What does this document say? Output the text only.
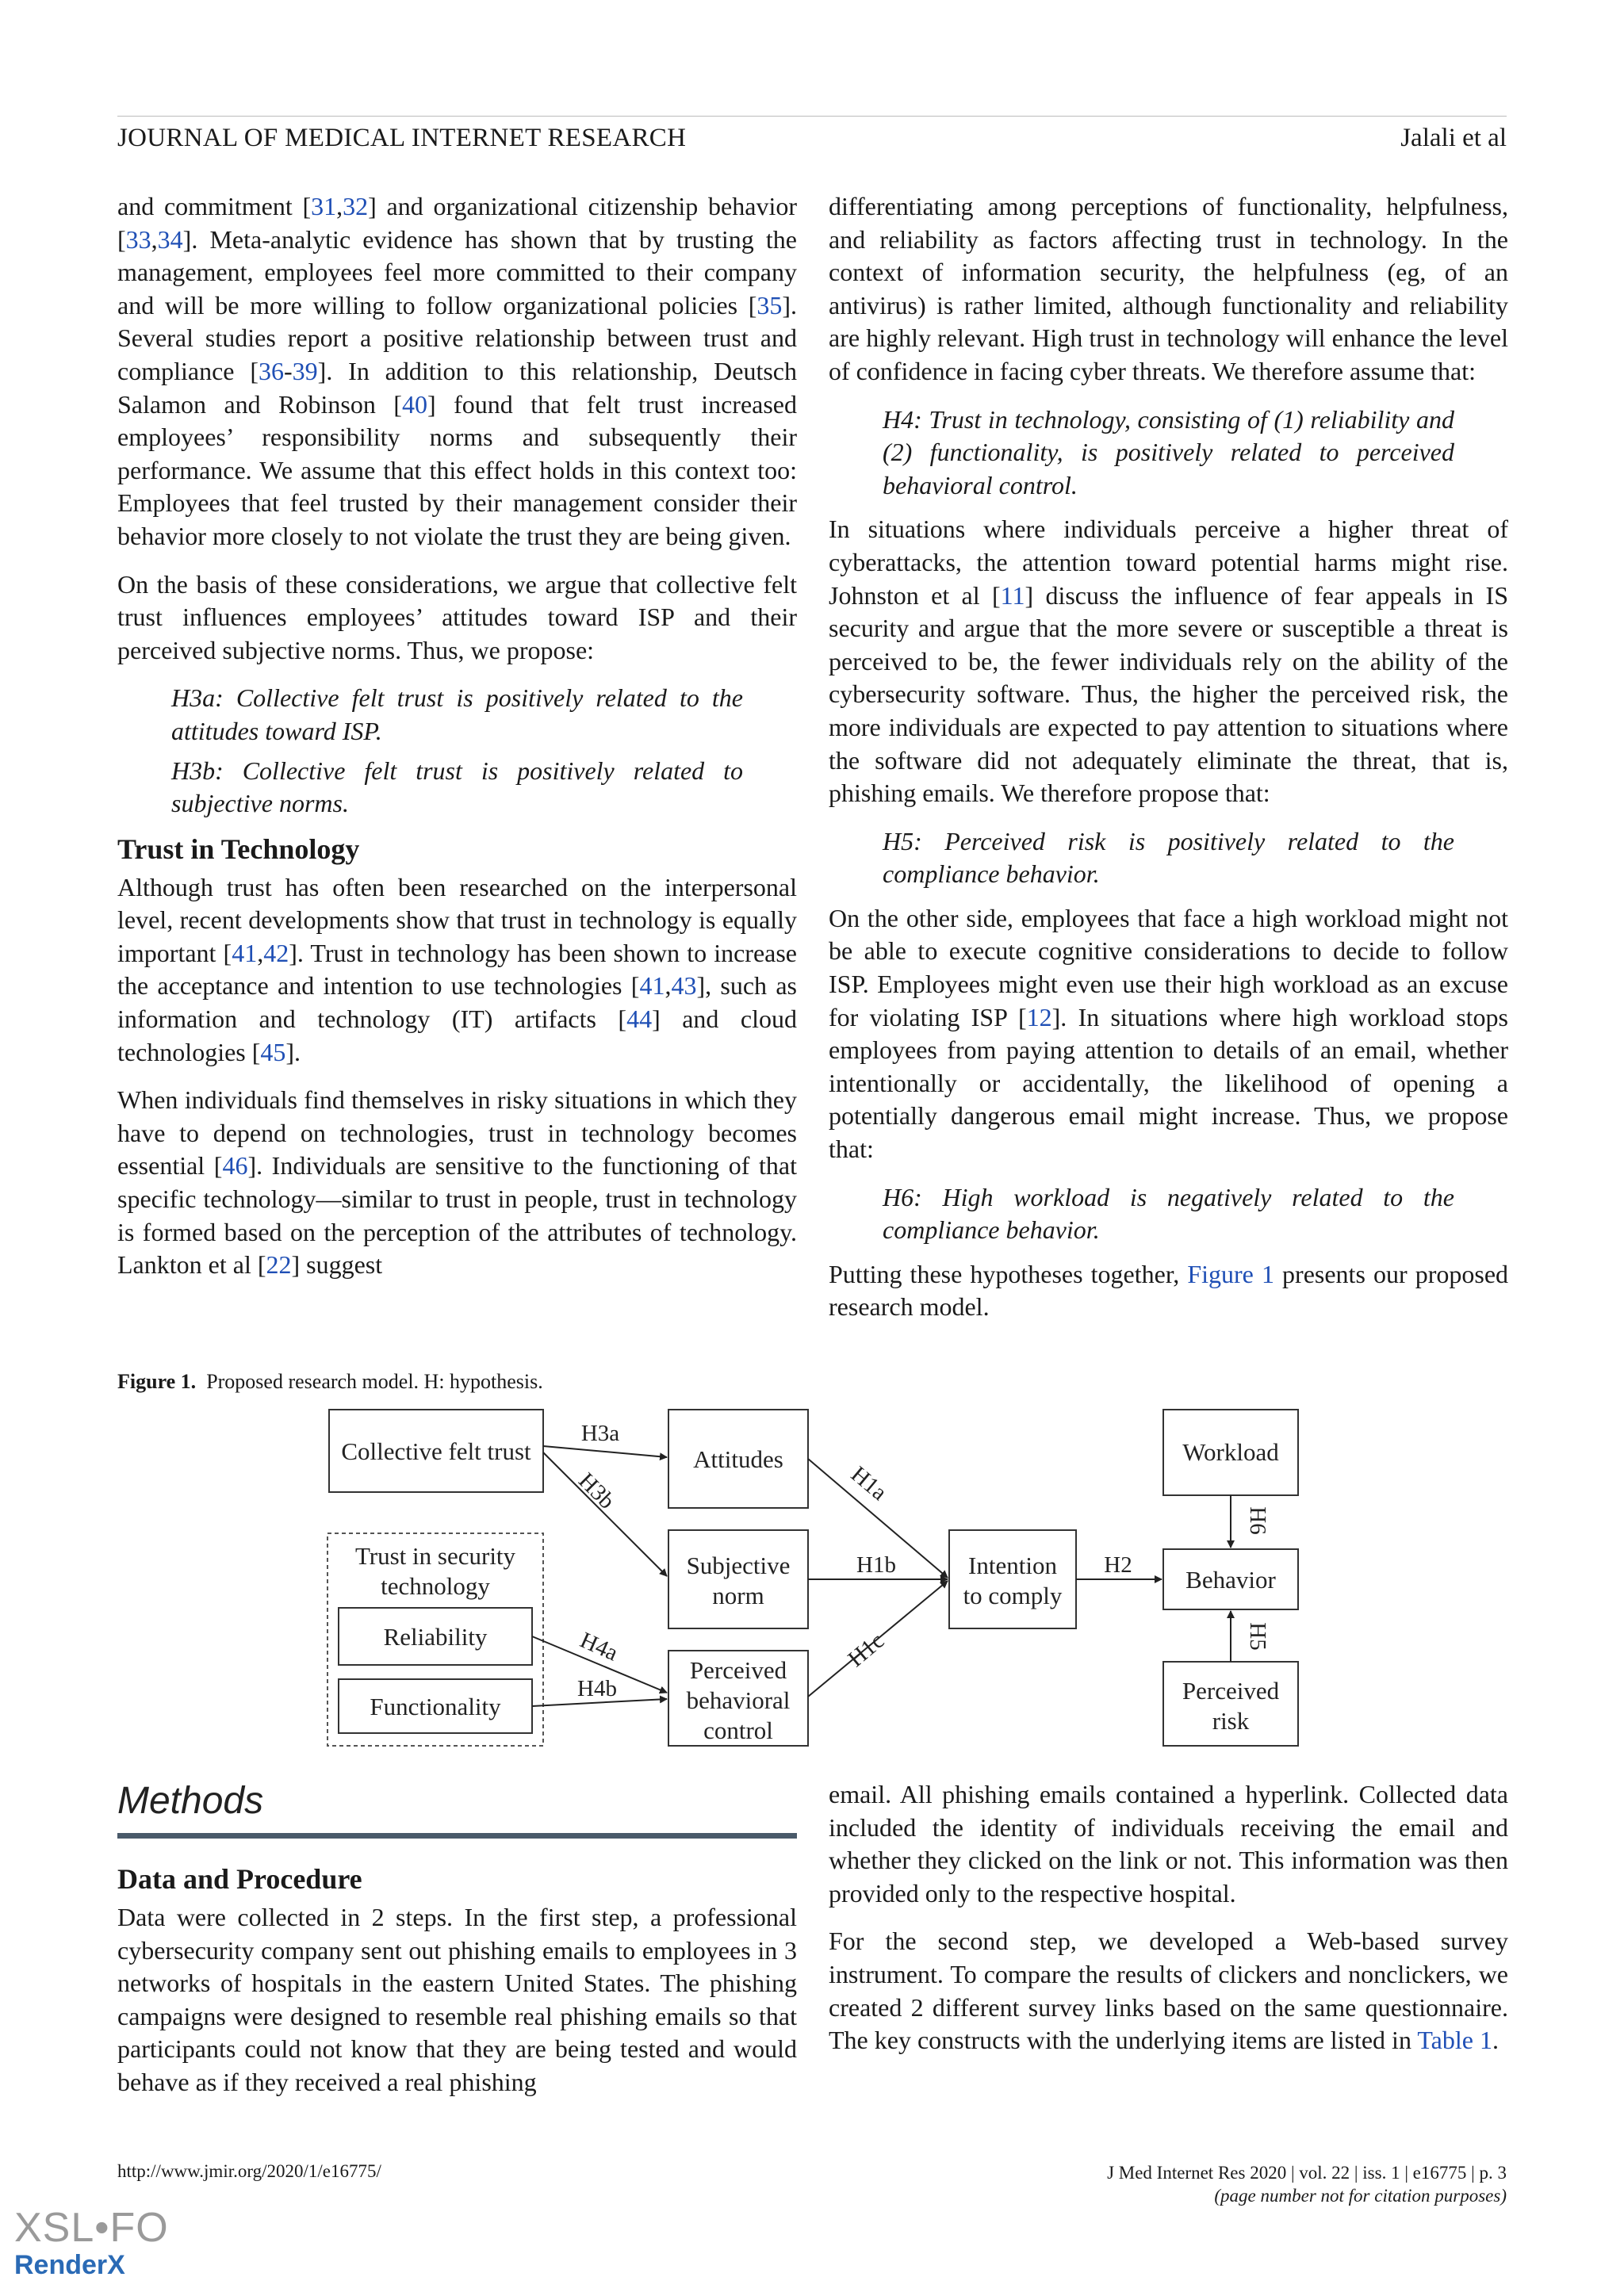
JOURNAL OF MEDICAL INTERNET RESEARCH	Jalali et al

and commitment [31,32] and organizational citizenship behavior [33,34]. Meta-analytic evidence has shown that by trusting the management, employees feel more committed to their company and will be more willing to follow organizational policies [35]. Several studies report a positive relationship between trust and compliance [36-39]. In addition to this relationship, Deutsch Salamon and Robinson [40] found that felt trust increased employees’ responsibility norms and subsequently their performance. We assume that this effect holds in this context too: Employees that feel trusted by their management consider their behavior more closely to not violate the trust they are being given.

On the basis of these considerations, we argue that collective felt trust influences employees’ attitudes toward ISP and their perceived subjective norms. Thus, we propose:

H3a: Collective felt trust is positively related to the attitudes toward ISP.

H3b: Collective felt trust is positively related to subjective norms.

Trust in Technology

Although trust has often been researched on the interpersonal level, recent developments show that trust in technology is equally important [41,42]. Trust in technology has been shown to increase the acceptance and intention to use technologies [41,43], such as information and technology (IT) artifacts [44] and cloud technologies [45].

When individuals find themselves in risky situations in which they have to depend on technologies, trust in technology becomes essential [46]. Individuals are sensitive to the functioning of that specific technology—similar to trust in people, trust in technology is formed based on the perception of the attributes of technology. Lankton et al [22] suggest

differentiating among perceptions of functionality, helpfulness, and reliability as factors affecting trust in technology. In the context of information security, the helpfulness (eg, of an antivirus) is rather limited, although functionality and reliability are highly relevant. High trust in technology will enhance the level of confidence in facing cyber threats. We therefore assume that:

H4: Trust in technology, consisting of (1) reliability and (2) functionality, is positively related to perceived behavioral control.

In situations where individuals perceive a higher threat of cyberattacks, the attention toward potential harms might rise. Johnston et al [11] discuss the influence of fear appeals in IS security and argue that the more severe or susceptible a threat is perceived to be, the fewer individuals rely on the ability of the cybersecurity software. Thus, the higher the perceived risk, the more individuals are expected to pay attention to situations where the software did not adequately eliminate the threat, that is, phishing emails. We therefore propose that:

H5: Perceived risk is positively related to the compliance behavior.

On the other side, employees that face a high workload might not be able to execute cognitive considerations to decide to follow ISP. Employees might even use their high workload as an excuse for violating ISP [12]. In situations where high workload stops employees from paying attention to details of an email, whether intentionally or accidentally, the likelihood of opening a potentially dangerous email might increase. Thus, we propose that:

H6: High workload is negatively related to the compliance behavior.

Putting these hypotheses together, Figure 1 presents our proposed research model.

Figure 1. Proposed research model. H: hypothesis.
Collective felt trust	Attitudes
Subjective
norm
Perceived
behavioral
control
Intention
to comply
Workload
Behavior
Perceived
risk
Trust in security
technology
Reliability
Functionality
H3a
H3b	H1a
H1b
H1c
H2
H4a
H4b
H6
H5
Methods
Data and Procedure

Data were collected in 2 steps. In the first step, a professional cybersecurity company sent out phishing emails to employees in 3 networks of hospitals in the eastern United States. The phishing campaigns were designed to resemble real phishing emails so that participants could not know that they are being tested and would behave as if they received a real phishing

email. All phishing emails contained a hyperlink. Collected data included the identity of individuals receiving the email and whether they clicked on the link or not. This information was then provided only to the respective hospital.

For the second step, we developed a Web-based survey instrument. To compare the results of clickers and nonclickers, we created 2 different survey links based on the same questionnaire. The key constructs with the underlying items are listed in Table 1.

http://www.jmir.org/2020/1/e16775/	J Med Internet Res 2020 | vol. 22 | iss. 1 | e16775 | p. 3
(page number not for citation purposes)
XSL•FO
RenderX
